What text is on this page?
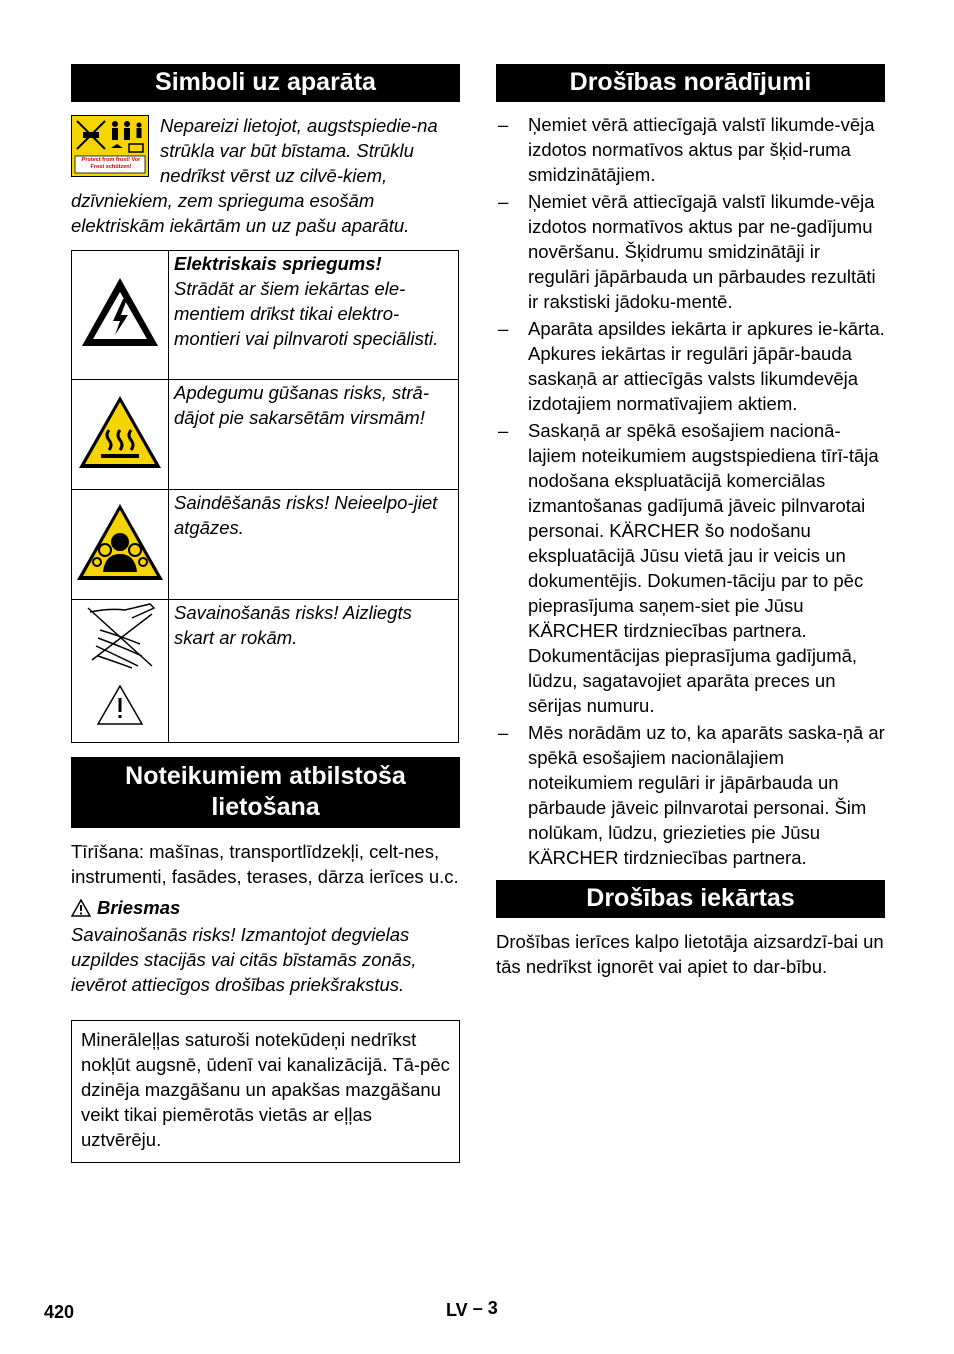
Simboli uz aparāta
Protect from frost! Vor Frost schützen!

Nepareizi lietojot, augstspiedie-na strūkla var būt bīstama. Strūklu nedrīkst vērst uz cilvē-kiem, dzīvniekiem, zem sprieguma esošām elektriskām iekārtām un uz pašu aparātu.

Elektriskais spriegums!
Strādāt ar šiem iekārtas ele-mentiem drīkst tikai elektro-montieri vai pilnvaroti speciālisti.

Apdegumu gūšanas risks, strā-dājot pie sakarsētām virsmām!

Saindēšanās risks! Neieelpo-jiet atgāzes.

Savainošanās risks! Aizliegts skart ar rokām.
Noteikumiem atbilstoša lietošana

Tīrīšana: mašīnas, transportlīdzekļi, celt-nes, instrumenti, fasādes, terases, dārza ierīces u.c.

Briesmas

Savainošanās risks! Izmantojot degvielas uzpildes stacijās vai citās bīstamās zonās, ievērot attiecīgos drošības priekšrakstus.

Minerāleļļas saturoši notekūdeņi nedrīkst nokļūt augsnē, ūdenī vai kanalizācijā. Tā-pēc dzinēja mazgāšanu un apakšas mazgāšanu veikt tikai piemērotās vietās ar eļļas uztvērēju.

Drošības norādījumi
– Ņemiet vērā attiecīgajā valstī likumde-vēja izdotos normatīvos aktus par šķid-ruma smidzinātājiem.
– Ņemiet vērā attiecīgajā valstī likumde-vēja izdotos normatīvos aktus par ne-gadījumu novēršanu. Šķidrumu smidzinātāji ir regulāri jāpārbauda un pārbaudes rezultāti ir rakstiski jādoku-mentē.
– Aparāta apsildes iekārta ir apkures ie-kārta. Apkures iekārtas ir regulāri jāpār-bauda saskaņā ar attiecīgās valsts likumdevēja izdotajiem normatīvajiem aktiem.
– Saskaņā ar spēkā esošajiem nacionā-lajiem noteikumiem augstspiediena tīrī-tāja nodošana ekspluatācijā komerciālas izmantošanas gadījumā jāveic pilnvarotai personai. KÄRCHER šo nodošanu ekspluatācijā Jūsu vietā jau ir veicis un dokumentējis. Dokumen-tāciju par to pēc pieprasījuma saņem-siet pie Jūsu KÄRCHER tirdzniecības partnera. Dokumentācijas pieprasījuma gadījumā, lūdzu, sagatavojiet aparāta preces un sērijas numuru.
– Mēs norādām uz to, ka aparāts saska-ņā ar spēkā esošajiem nacionālajiem noteikumiem regulāri ir jāpārbauda un pārbaude jāveic pilnvarotai personai. Šim nolūkam, lūdzu, griezieties pie Jūsu KÄRCHER tirdzniecības partnera.
Drošības iekārtas

Drošības ierīces kalpo lietotāja aizsardzī-bai un tās nedrīkst ignorēt vai apiet to dar-bību.

420	LV – 3
